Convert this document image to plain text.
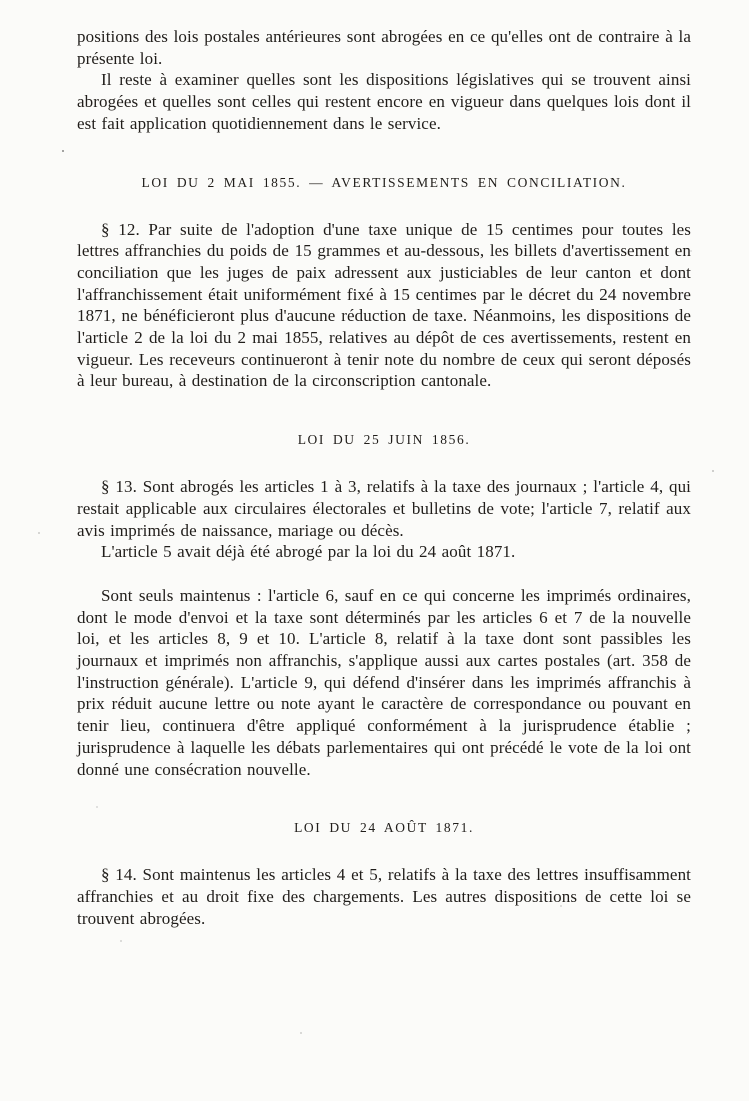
positions des lois postales antérieures sont abrogées en ce qu'elles ont de contraire à la présente loi.

Il reste à examiner quelles sont les dispositions législatives qui se trouvent ainsi abrogées et quelles sont celles qui restent encore en vigueur dans quelques lois dont il est fait application quotidiennement dans le service.

LOI DU 2 MAI 1855. — AVERTISSEMENTS EN CONCILIATION.

§ 12. Par suite de l'adoption d'une taxe unique de 15 centimes pour toutes les lettres affranchies du poids de 15 grammes et au-dessous, les billets d'avertissement en conciliation que les juges de paix adressent aux justiciables de leur canton et dont l'affranchissement était uniformément fixé à 15 centimes par le décret du 24 novembre 1871, ne bénéficieront plus d'aucune réduction de taxe. Néanmoins, les dispositions de l'article 2 de la loi du 2 mai 1855, relatives au dépôt de ces avertissements, restent en vigueur. Les receveurs continueront à tenir note du nombre de ceux qui seront déposés à leur bureau, à destination de la circonscription cantonale.

LOI DU 25 JUIN 1856.

§ 13. Sont abrogés les articles 1 à 3, relatifs à la taxe des journaux ; l'article 4, qui restait applicable aux circulaires électorales et bulletins de vote; l'article 7, relatif aux avis imprimés de naissance, mariage ou décès.

L'article 5 avait déjà été abrogé par la loi du 24 août 1871.

Sont seuls maintenus : l'article 6, sauf en ce qui concerne les imprimés ordinaires, dont le mode d'envoi et la taxe sont déterminés par les articles 6 et 7 de la nouvelle loi, et les articles 8, 9 et 10. L'article 8, relatif à la taxe dont sont passibles les journaux et imprimés non affranchis, s'applique aussi aux cartes postales (art. 358 de l'instruction générale). L'article 9, qui défend d'insérer dans les imprimés affranchis à prix réduit aucune lettre ou note ayant le caractère de correspondance ou pouvant en tenir lieu, continuera d'être appliqué conformément à la jurisprudence établie ; jurisprudence à laquelle les débats parlementaires qui ont précédé le vote de la loi ont donné une consécration nouvelle.

LOI DU 24 AOÛT 1871.

§ 14. Sont maintenus les articles 4 et 5, relatifs à la taxe des lettres insuffisamment affranchies et au droit fixe des chargements. Les autres dispositions de cette loi se trouvent abrogées.
